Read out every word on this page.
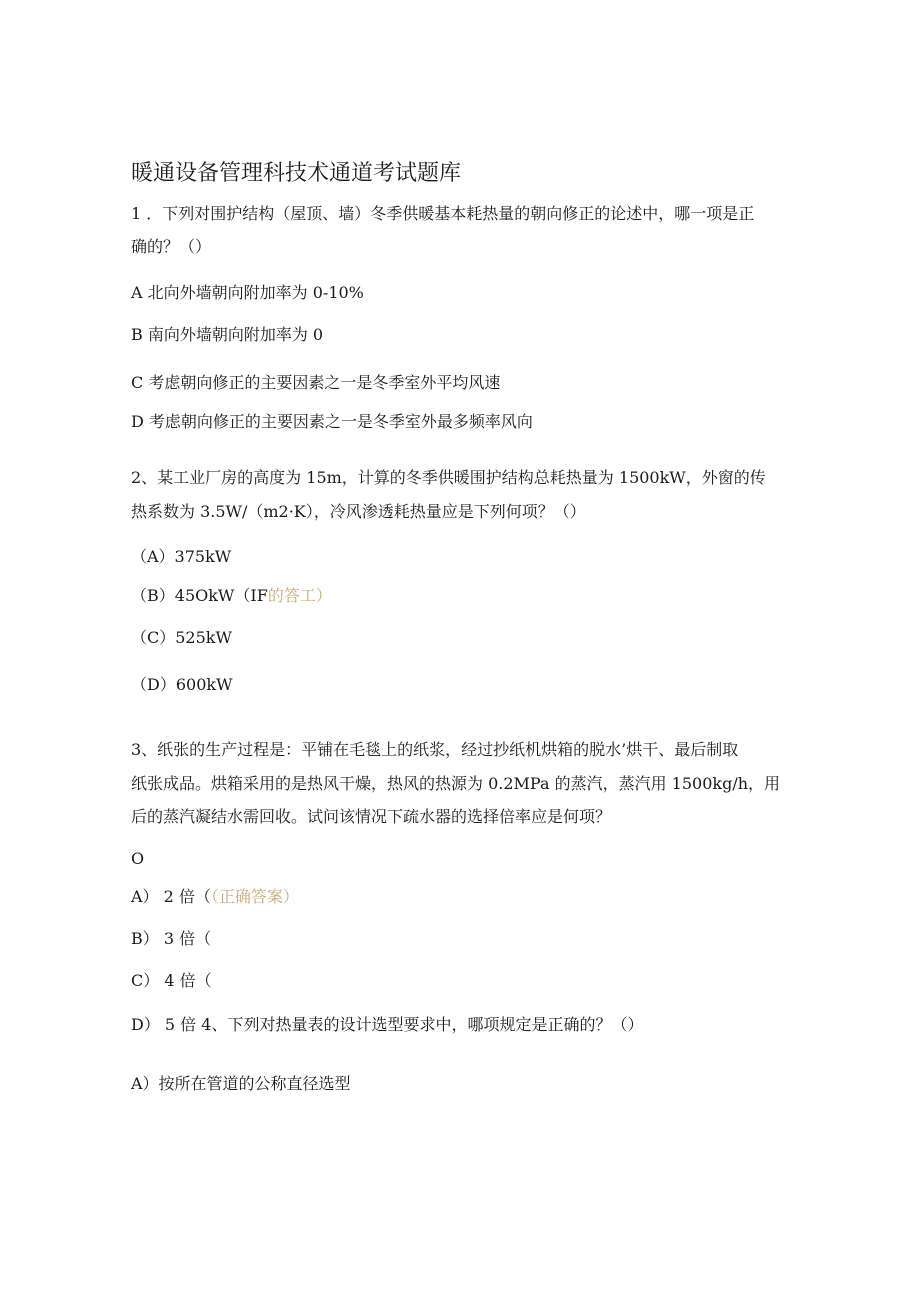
暖通设备管理科技术通道考试题库
1 ．下列对围护结构（屋顶、墙）冬季供暖基本耗热量的朝向修正的论述中，哪一项是正
确的？（）
A 北向外墙朝向附加率为 0-10%
B 南向外墙朝向附加率为 0
C 考虑朝向修正的主要因素之一是冬季室外平均风速
D 考虑朝向修正的主要因素之一是冬季室外最多频率风向
2、某工业厂房的高度为 15m，计算的冬季供暖围护结构总耗热量为 1500kW，外窗的传
热系数为 3.5W/（m2·K），冷风渗透耗热量应是下列何项？（）
（A）375kW
（B）45OkW（IF的答工）
（C）525kW
（D）600kW
3、纸张的生产过程是：平铺在毛毯上的纸浆，经过抄纸机烘箱的脱水’烘干、最后制取
纸张成品。烘箱采用的是热风干燥，热风的热源为 0.2MPa 的蒸汽，蒸汽用 1500kg/h，用
后的蒸汽凝结水需回收。试问该情况下疏水器的选择倍率应是何项？
O
A） 2 倍（（正确答案）
B） 3 倍（
C） 4 倍（
D） 5 倍 4、下列对热量表的设计选型要求中，哪项规定是正确的？（）
A）按所在管道的公称直径选型
